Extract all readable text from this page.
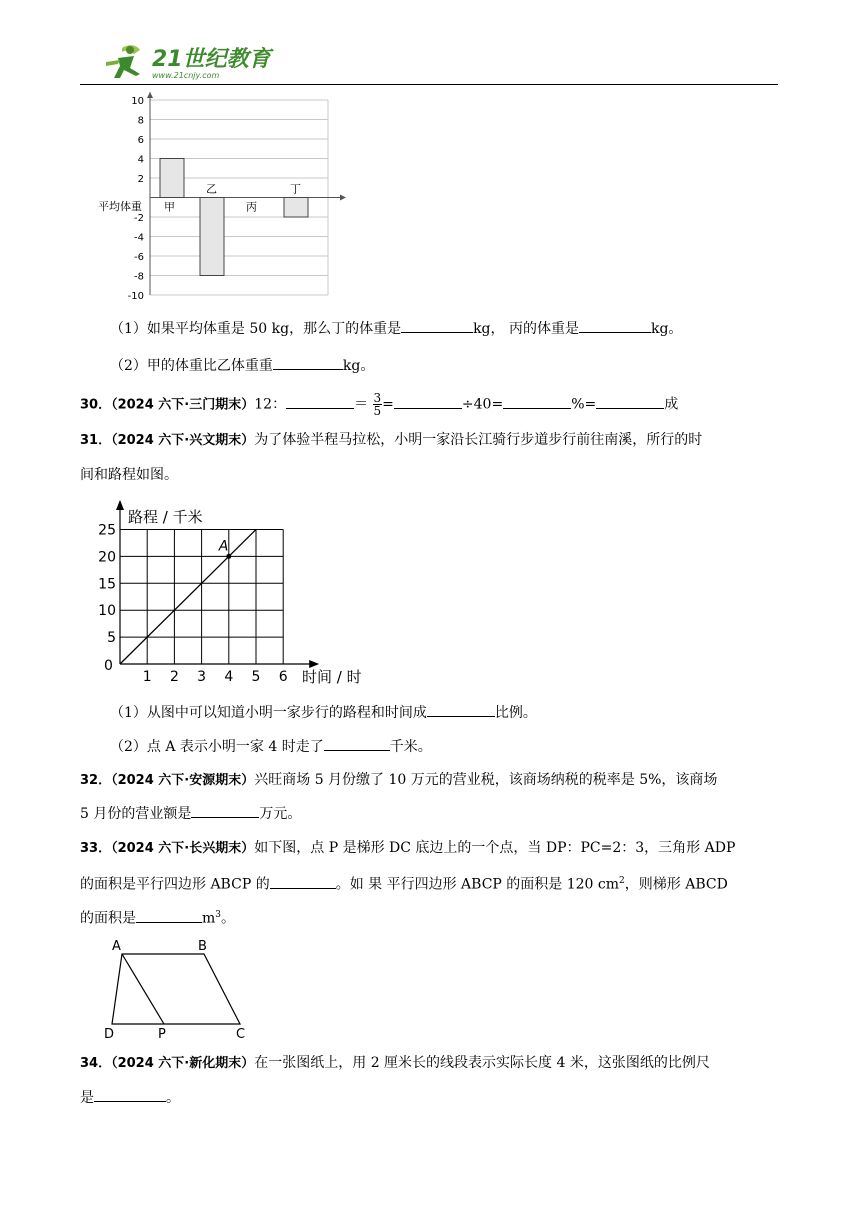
21世纪教育
www.21cnjy.com
10
8
6
4
2
-2
-4
-6
-8
-10
甲
乙
丙
丁
平均体重
（1）如果平均体重是 50 kg，那么丁的体重是	kg， 丙的体重是	kg。
（2）甲的体重比乙体重重	kg。
30．（2024 六下·三门期末）12：	＝ $\frac{3}{5}$ =	÷40=	%=	成
31．（2024 六下·兴文期末）为了体验半程马拉松，小明一家沿长江骑行步道步行前往南溪，所行的时
间和路程如图。
1 2 3 4 5 6
5
10
15
20
25
A
路程 / 千米
时间 / 时
0
（1）从图中可以知道小明一家步行的路程和时间成	比例。
（2）点 A 表示小明一家 4 时走了	千米。
32．（2024 六下·安源期末）兴旺商场 5 月份缴了 10 万元的营业税，该商场纳税的税率是 5%，该商场
5 月份的营业额是	万元。
33．（2024 六下·长兴期末）如下图，点 P 是梯形 DC 底边上的一个点，当 DP：PC=2：3，三角形 ADP
的面积是平行四边形 ABCP 的	。如 果 平行四边形 ABCP 的面积是 120 $cm^2$，则梯形 ABCD
的面积是	$m^3$。
A	B
C
D	P
34．（2024 六下·新化期末）在一张图纸上，用 2 厘米长的线段表示实际长度 4 米，这张图纸的比例尺
是	。
